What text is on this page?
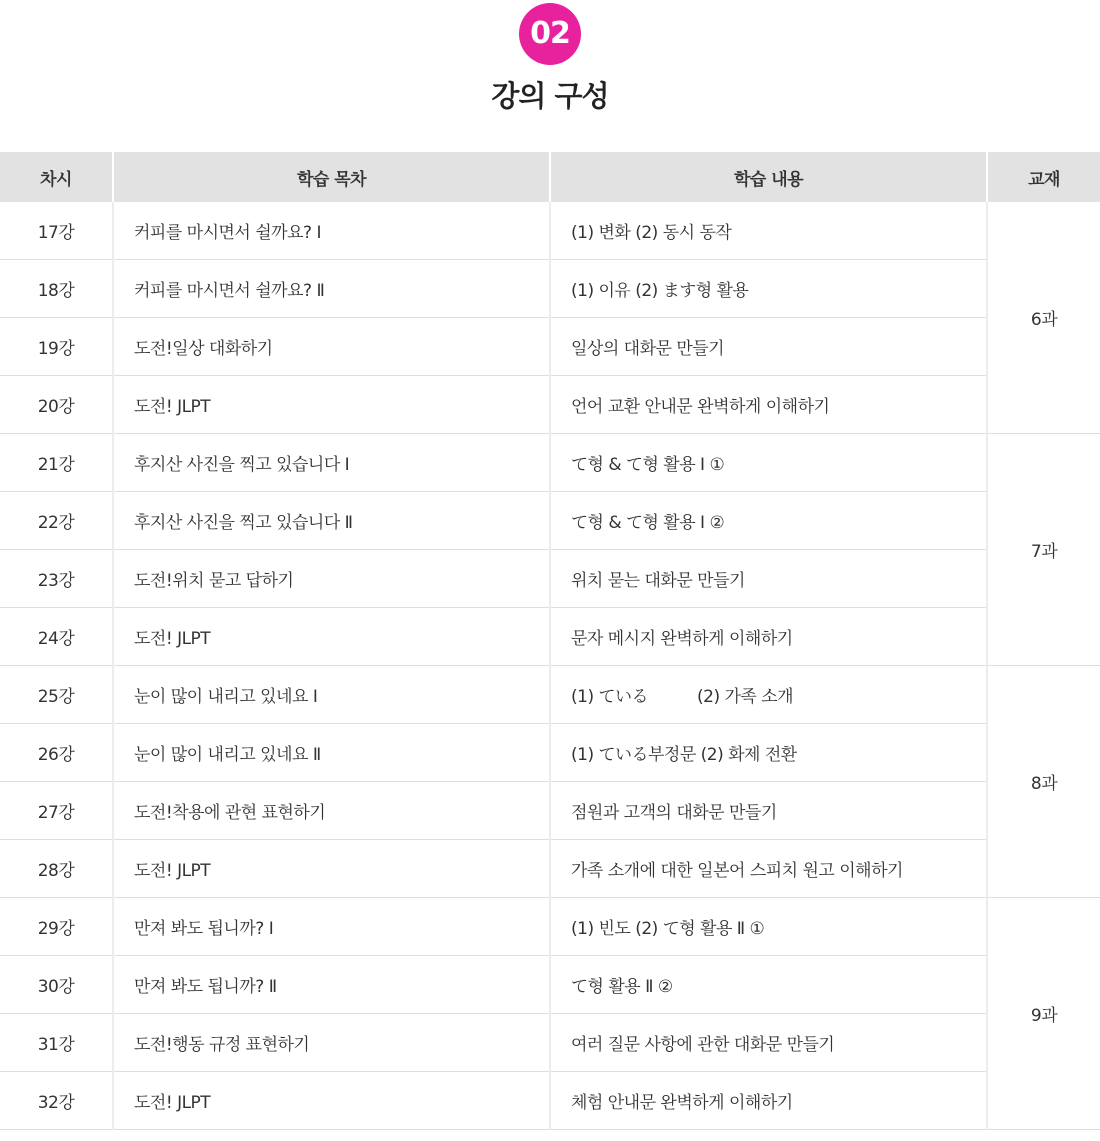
02
강의 구성
차시	학습 목차	학습 내용	교재
17강	커피를 마시면서 쉴까요? Ⅰ	(1) 변화 (2) 동시 동작	6과
18강	커피를 마시면서 쉴까요? Ⅱ	(1) 이유 (2) ます형 활용	
19강	도전!일상 대화하기	일상의 대화문 만들기	
20강	도전! JLPT	언어 교환 안내문 완벽하게 이해하기	
21강	후지산 사진을 찍고 있습니다 Ⅰ	て형 & て형 활용 Ⅰ ①	7과
22강	후지산 사진을 찍고 있습니다 Ⅱ	て형 & て형 활용 Ⅰ ②	
23강	도전!위치 묻고 답하기	위치 묻는 대화문 만들기	
24강	도전! JLPT	문자 메시지 완벽하게 이해하기	
25강	눈이 많이 내리고 있네요 Ⅰ	(1) ている          (2) 가족 소개	8과
26강	눈이 많이 내리고 있네요 Ⅱ	(1) ている부정문 (2) 화제 전환	
27강	도전!착용에 관현 표현하기	점원과 고객의 대화문 만들기	
28강	도전! JLPT	가족 소개에 대한 일본어 스피치 원고 이해하기	
29강	만져 봐도 됩니까? Ⅰ	(1) 빈도 (2) て형 활용 Ⅱ ①	9과
30강	만져 봐도 됩니까? Ⅱ	て형 활용 Ⅱ ②	
31강	도전!행동 규정 표현하기	여러 질문 사항에 관한 대화문 만들기	
32강	도전! JLPT	체험 안내문 완벽하게 이해하기	
